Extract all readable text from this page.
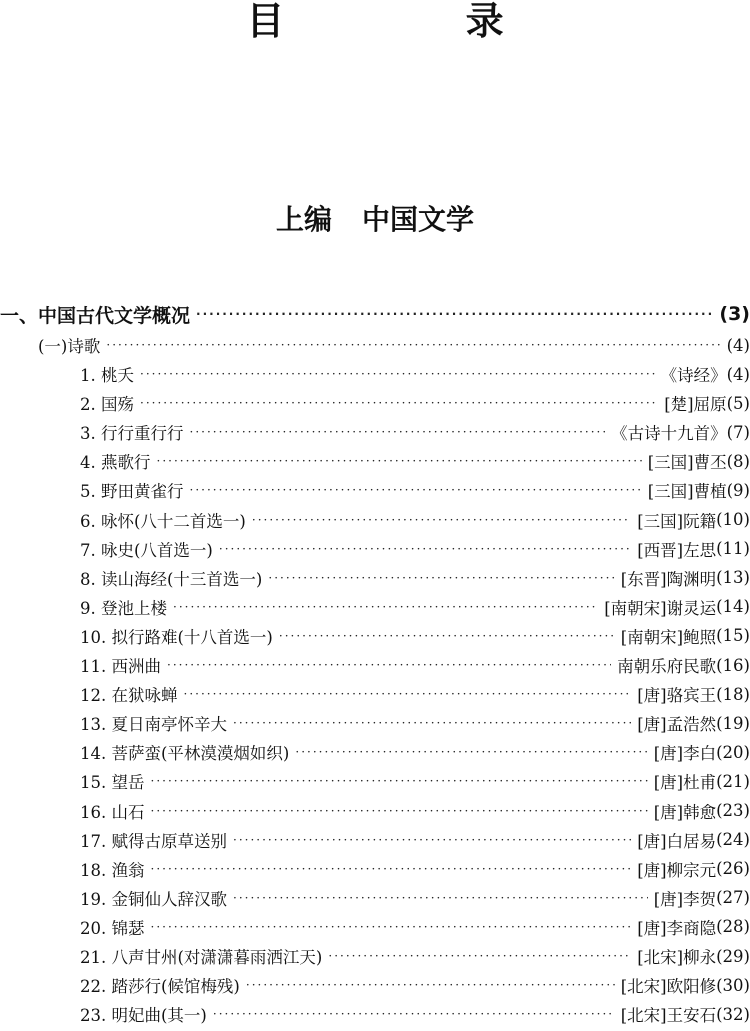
目 录
上编 中国文学
一、中国古代文学概况 ·····	(3)
(一)诗歌 ·····	(4)
1. 桃夭 ·····	《诗经》 (4)
2. 国殇 ·····	[楚]屈原 (5)
3. 行行重行行 ·····	《古诗十九首》 (7)
4. 燕歌行 ·····	[三国]曹丕 (8)
5. 野田黄雀行 ·····	[三国]曹植 (9)
6. 咏怀(八十二首选一) ·····	[三国]阮籍 (10)
7. 咏史(八首选一) ·····	[西晋]左思 (11)
8. 读山海经(十三首选一) ·····	[东晋]陶渊明 (13)
9. 登池上楼 ·····	[南朝宋]谢灵运 (14)
10. 拟行路难(十八首选一) ·····	[南朝宋]鲍照 (15)
11. 西洲曲 ·····	南朝乐府民歌 (16)
12. 在狱咏蝉 ·····	[唐]骆宾王 (18)
13. 夏日南亭怀辛大 ·····	[唐]孟浩然 (19)
14. 菩萨蛮(平林漠漠烟如织) ·····	[唐]李白 (20)
15. 望岳 ·····	[唐]杜甫 (21)
16. 山石 ·····	[唐]韩愈 (23)
17. 赋得古原草送别 ·····	[唐]白居易 (24)
18. 渔翁 ·····	[唐]柳宗元 (26)
19. 金铜仙人辞汉歌 ·····	[唐]李贺 (27)
20. 锦瑟 ·····	[唐]李商隐 (28)
21. 八声甘州(对潇潇暮雨洒江天) ·····	[北宋]柳永 (29)
22. 踏莎行(候馆梅残) ·····	[北宋]欧阳修 (30)
23. 明妃曲(其一) ·····	[北宋]王安石 (32)
